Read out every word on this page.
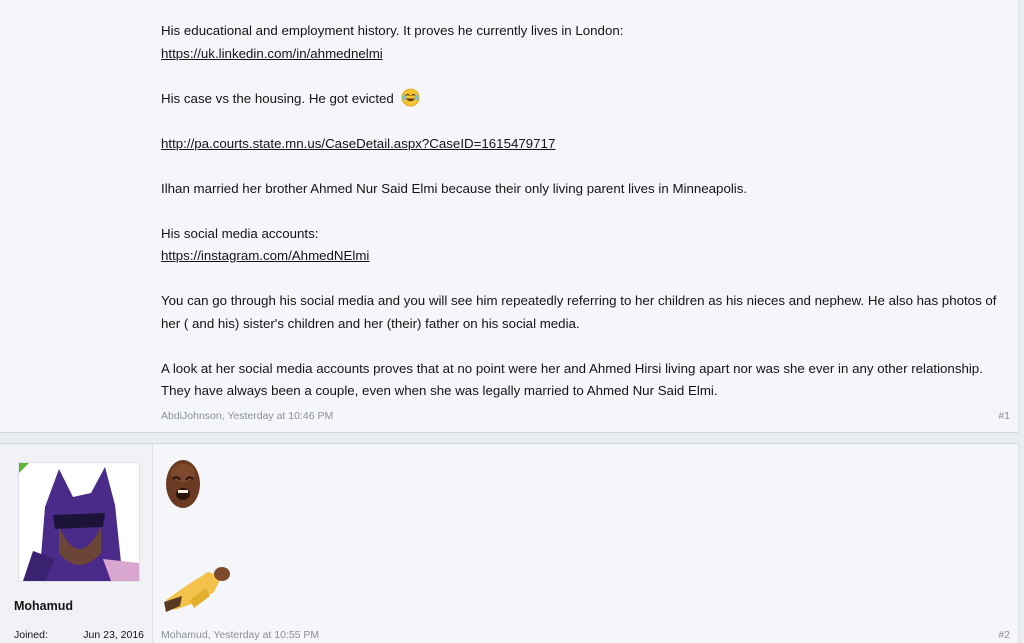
His educational and employment history. It proves he currently lives in London:
https://uk.linkedin.com/in/ahmednelmi

His case vs the housing. He got evicted

http://pa.courts.state.mn.us/CaseDetail.aspx?CaseID=1615479717

Ilhan married her brother Ahmed Nur Said Elmi because their only living parent lives in Minneapolis.

His social media accounts:
https://instagram.com/AhmedNElmi

You can go through his social media and you will see him repeatedly referring to her children as his nieces and nephew. He also has photos of her ( and his) sister's children and her (their) father on his social media.

A look at her social media accounts proves that at no point were her and Ahmed Hirsi living apart nor was she ever in any other relationship. They have always been a couple, even when she was legally married to Ahmed Nur Said Elmi.

AbdiJohnson, Yesterday at 10:46 PM	#1
Mohamud
Joined:	Jun 23, 2016 Mohamud, Yesterday at 10:55 PM	#2
